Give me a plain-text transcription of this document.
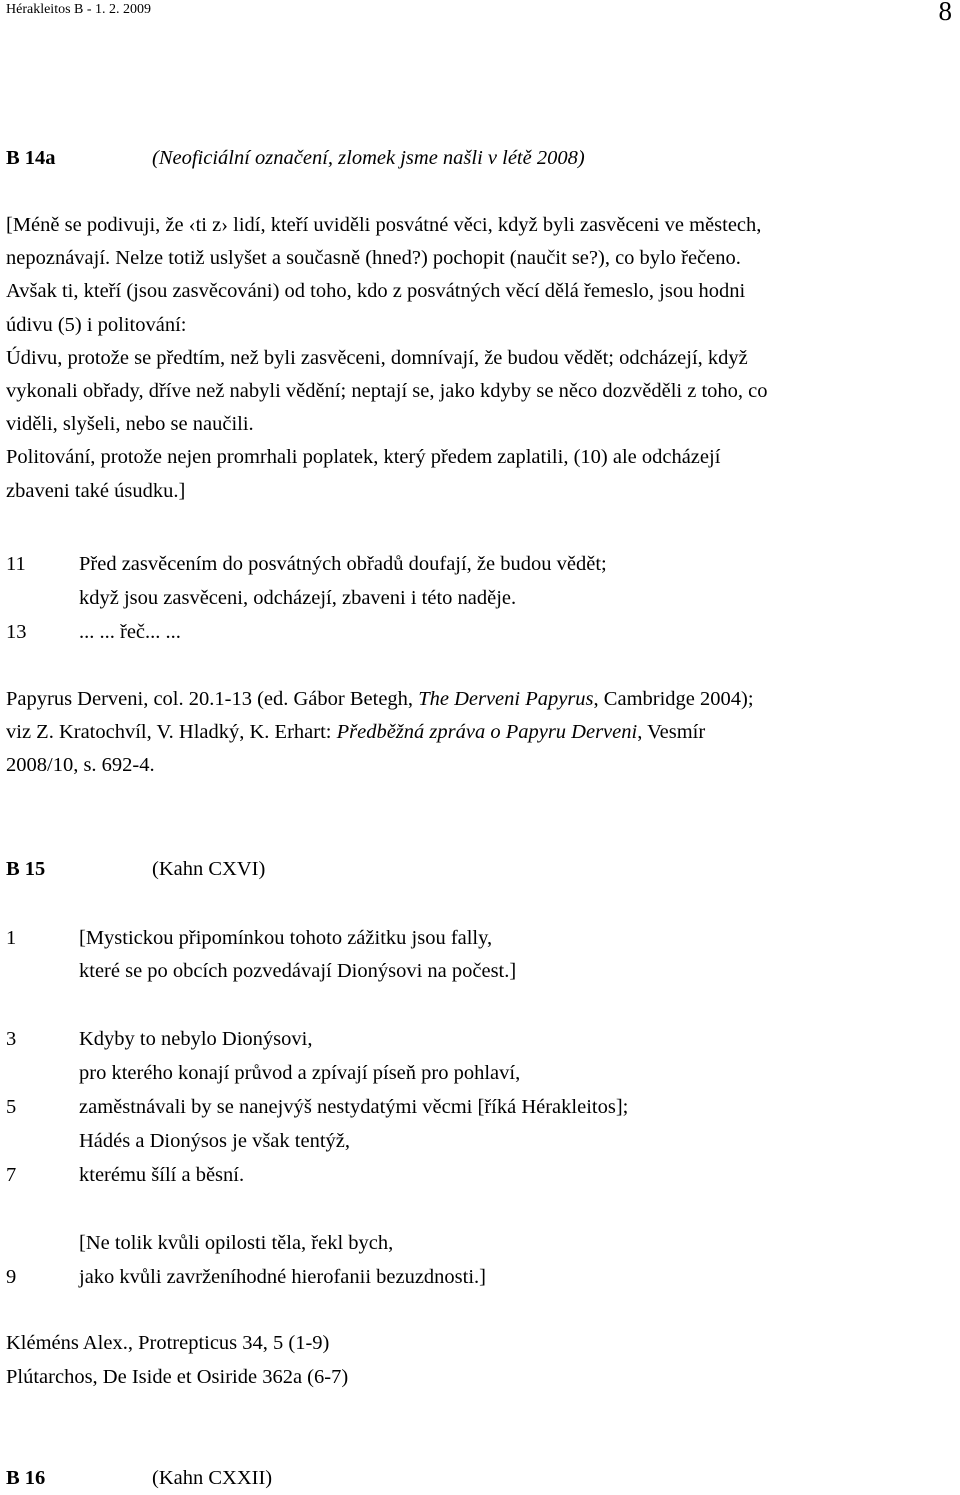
Hérakleitos B - 1. 2. 2009	8
B 14a	(Neoficiální označení, zlomek jsme našli v létě 2008)

[Méně se podivuji, že ‹ti z› lidí, kteří uviděli posvátné věci, když byli zasvěceni ve městech,
nepoznávají. Nelze totiž uslyšet a současně (hned?) pochopit (naučit se?), co bylo řečeno.
Avšak ti, kteří (jsou zasvěcováni) od toho, kdo z posvátných věcí dělá řemeslo, jsou hodni
údivu (5) i politování:
Údivu, protože se předtím, než byli zasvěceni, domnívají, že budou vědět; odcházejí, když
vykonali obřady, dříve než nabyli vědění; neptají se, jako kdyby se něco dozvěděli z toho, co
viděli, slyšeli, nebo se naučili.
Politování, protože nejen promrhali poplatek, který předem zaplatili, (10) ale odcházejí
zbaveni také úsudku.]

11	Před zasvěcením do posvátných obřadů doufají, že budou vědět;
když jsou zasvěceni, odcházejí, zbaveni i této naděje.
13	... ... řeč... ...
Papyrus Derveni, col. 20.1-13 (ed. Gábor Betegh, The Derveni Papyrus, Cambridge 2004);
viz Z. Kratochvíl, V. Hladký, K. Erhart: Předběžná zpráva o Papyru Derveni, Vesmír
2008/10, s. 692-4.
B 15	(Kahn CXVI)
1	[Mystickou připomínkou tohoto zážitku jsou fally,
které se po obcích pozvedávají Dionýsovi na počest.]
3	Kdyby to nebylo Dionýsovi,
pro kterého konají průvod a zpívají píseň pro pohlaví,
5	zaměstnávali by se nanejvýš nestydatými věcmi [říká Hérakleitos];
Hádés a Dionýsos je však tentýž,
7	kterému šílí a běsní.
[Ne tolik kvůli opilosti těla, řekl bych,
9	jako kvůli zavrženíhodné hierofanii bezuzdnosti.]
Kléméns Alex., Protrepticus 34, 5 (1-9)
Plútarchos, De Iside et Osiride 362a (6-7)
B 16	(Kahn CXXII)
